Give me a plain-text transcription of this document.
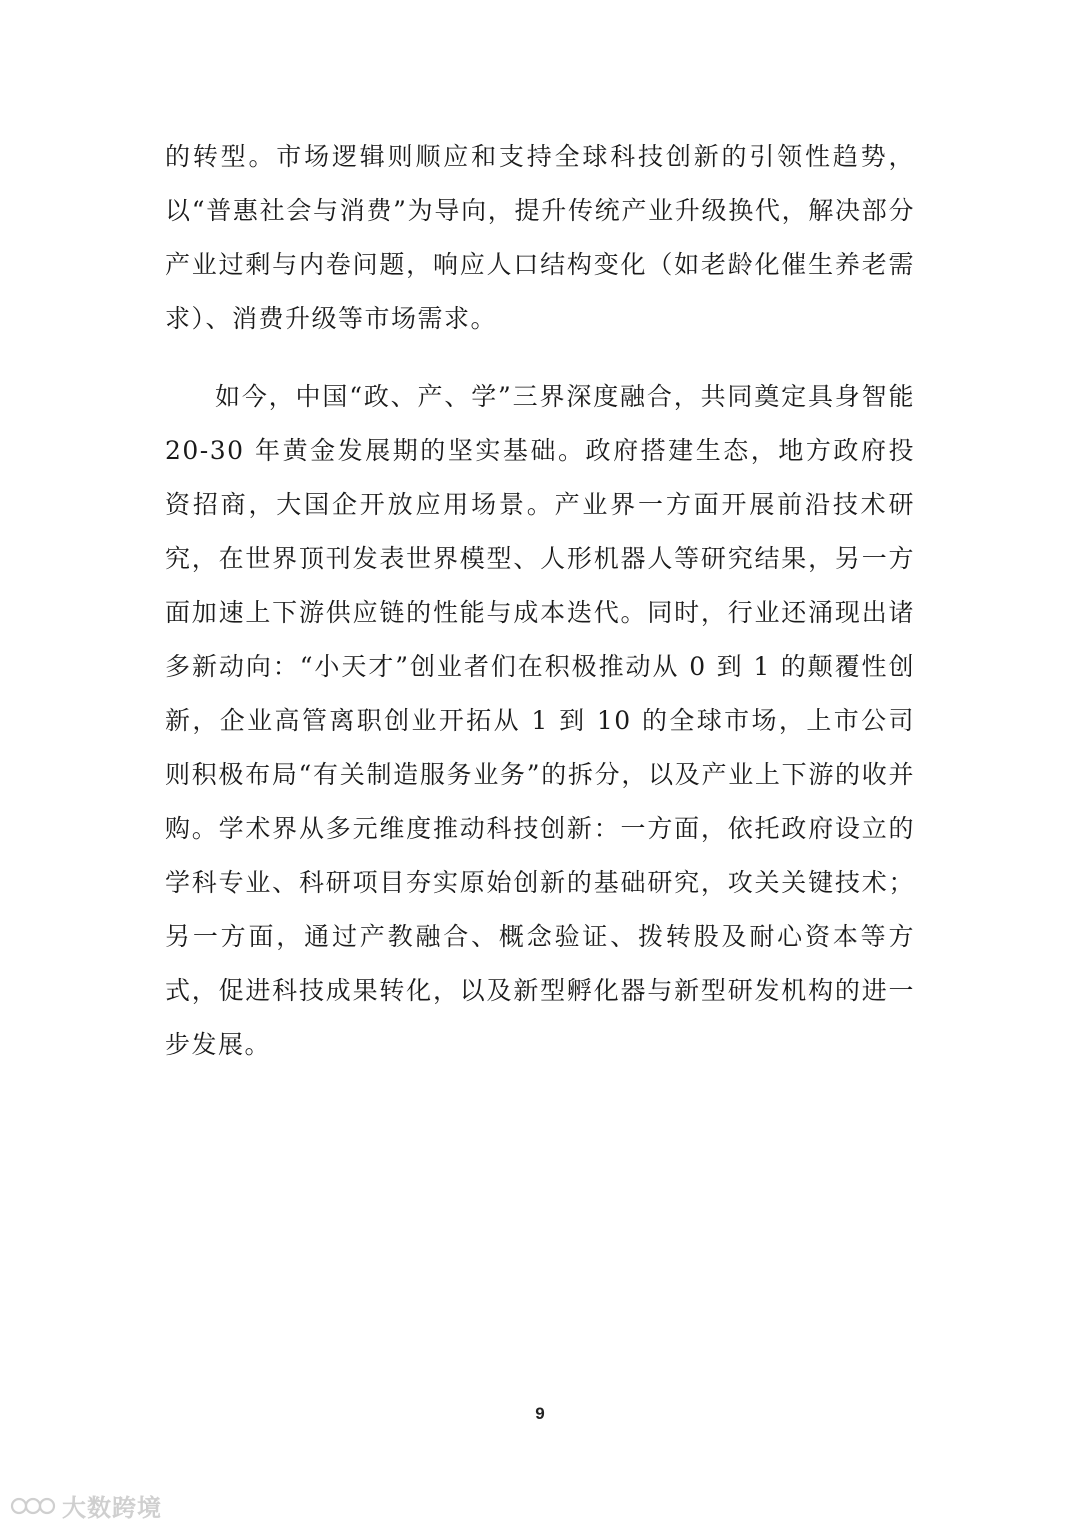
的转型。市场逻辑则顺应和支持全球科技创新的引领性趋势，以“普惠社会与消费”为导向，提升传统产业升级换代，解决部分产业过剩与内卷问题，响应人口结构变化（如老龄化催生养老需求）、消费升级等市场需求。

如今，中国“政、产、学”三界深度融合，共同奠定具身智能 20-30 年黄金发展期的坚实基础。政府搭建生态，地方政府投资招商，大国企开放应用场景。产业界一方面开展前沿技术研究，在世界顶刊发表世界模型、人形机器人等研究结果，另一方面加速上下游供应链的性能与成本迭代。同时，行业还涌现出诸多新动向：“小天才”创业者们在积极推动从 0 到 1 的颠覆性创新，企业高管离职创业开拓从 1 到 10 的全球市场，上市公司则积极布局“有关制造服务业务”的拆分，以及产业上下游的收并购。学术界从多元维度推动科技创新：一方面，依托政府设立的学科专业、科研项目夯实原始创新的基础研究，攻关关键技术；另一方面，通过产教融合、概念验证、拨转股及耐心资本等方式，促进科技成果转化，以及新型孵化器与新型研发机构的进一步发展。

9
大数跨境
